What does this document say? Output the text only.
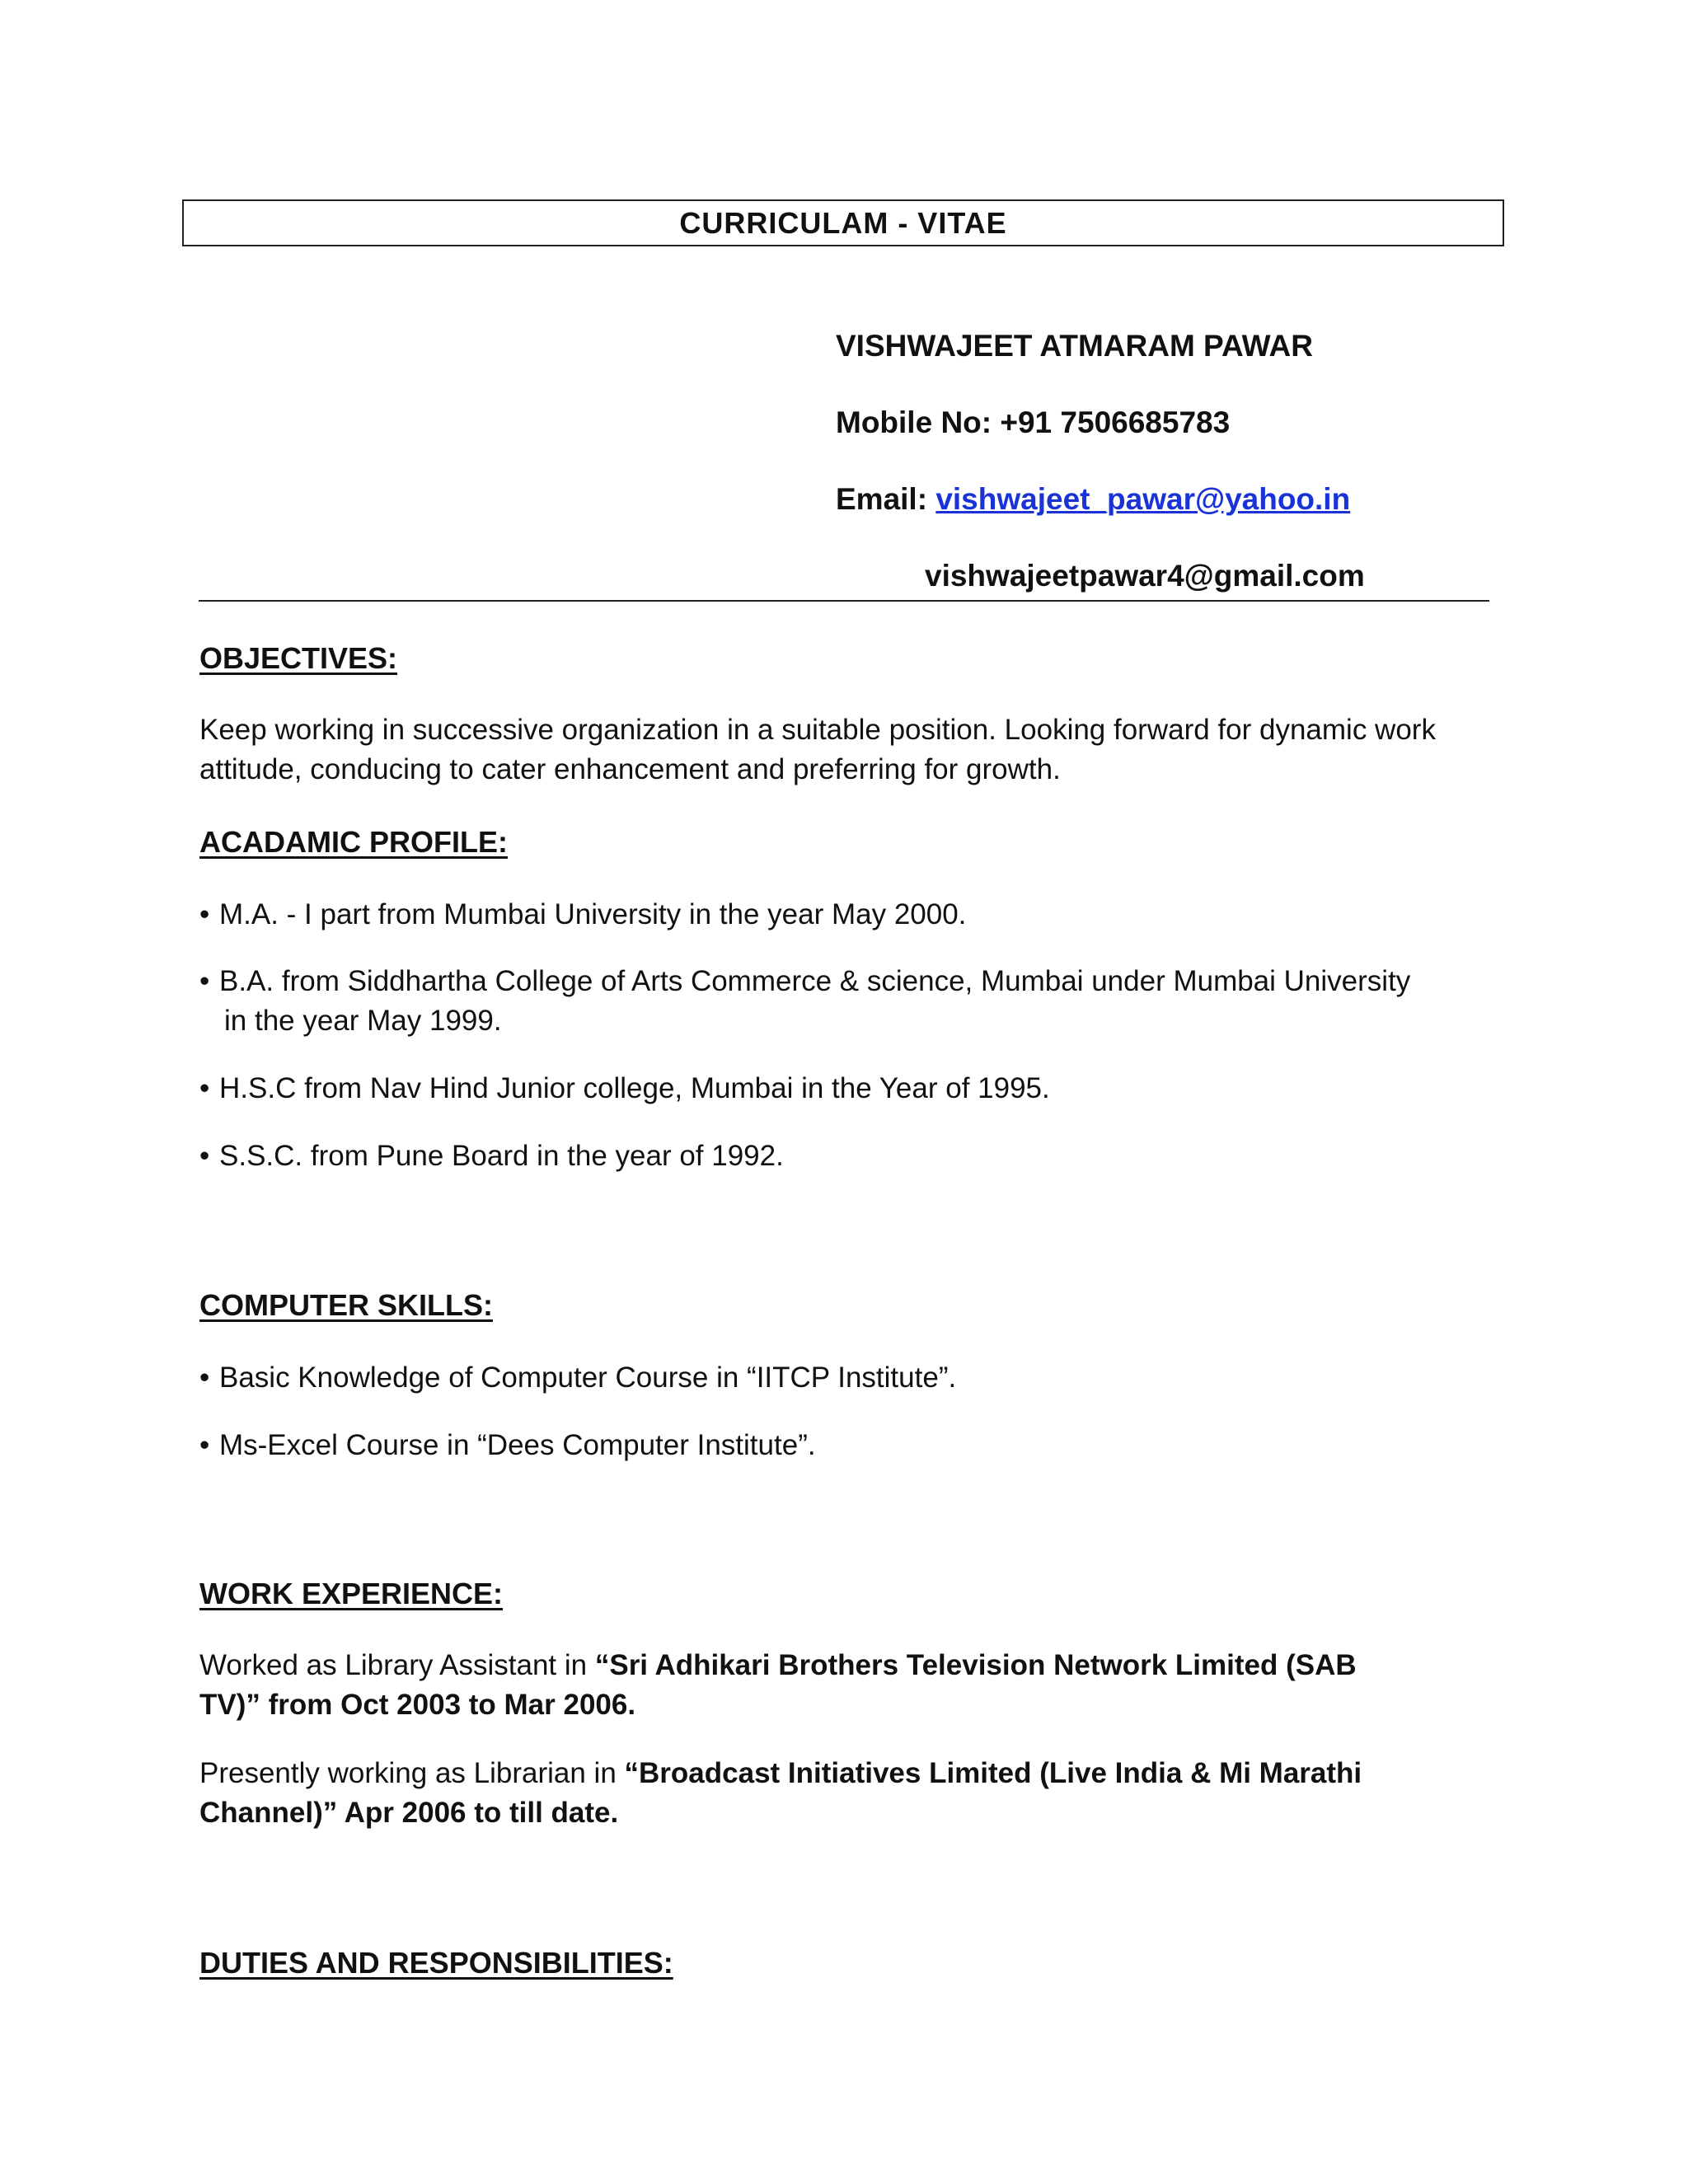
CURRICULAM - VITAE
VISHWAJEET ATMARAM PAWAR
Mobile No: +91 7506685783
Email: vishwajeet_pawar@yahoo.in
vishwajeetpawar4@gmail.com
OBJECTIVES:
Keep working in successive organization in a suitable position. Looking forward for dynamic work attitude, conducing to cater enhancement and preferring for growth.
ACADAMIC PROFILE:
• M.A. - I part from Mumbai University in the year May 2000.
• B.A. from Siddhartha College of Arts Commerce & science, Mumbai under Mumbai University
in the year May 1999.
• H.S.C from Nav Hind Junior college, Mumbai in the Year of 1995.
• S.S.C. from Pune Board in the year of 1992.
COMPUTER SKILLS:
• Basic Knowledge of Computer Course in “IITCP Institute”.
• Ms-Excel Course in “Dees Computer Institute”.
WORK EXPERIENCE:
Worked as Library Assistant in “Sri Adhikari Brothers Television Network Limited (SAB
TV)” from Oct 2003 to Mar 2006.
Presently working as Librarian in “Broadcast Initiatives Limited (Live India & Mi Marathi
Channel)” Apr 2006 to till date.
DUTIES AND RESPONSIBILITIES:
